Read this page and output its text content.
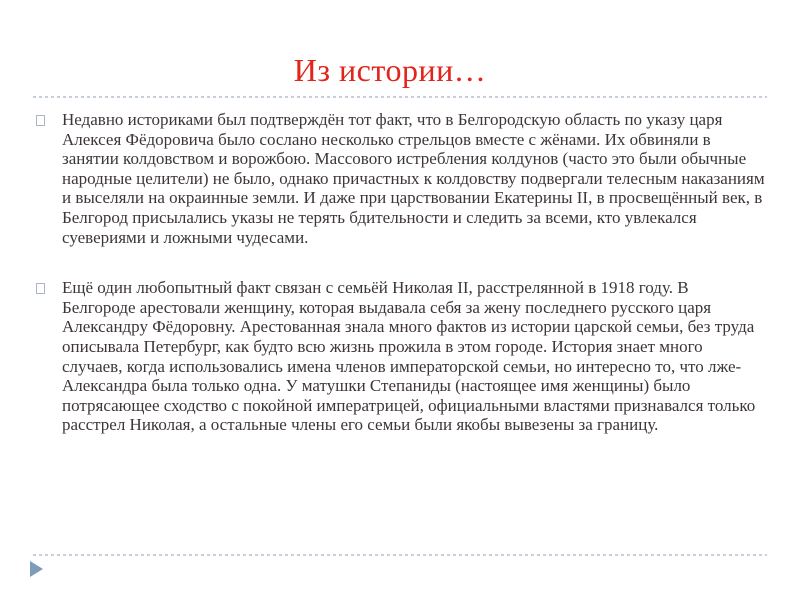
Из истории…
Недавно историками был подтверждён тот факт, что в Белгородскую область по указу царя Алексея Фёдоровича было сослано несколько стрельцов вместе с жёнами. Их обвиняли в занятии колдовством и ворожбою. Массового истребления колдунов (часто это были обычные народные целители) не было, однако причастных к колдовству подвергали телесным наказаниям и выселяли на окраинные земли. И даже при царствовании Екатерины II, в просвещённый век, в Белгород присылались указы не терять бдительности и следить за всеми, кто увлекался суевериями и ложными чудесами.
Ещё один любопытный факт связан с семьёй Николая II, расстрелянной в 1918 году. В Белгороде арестовали женщину, которая выдавала себя за жену последнего русского царя Александру Фёдоровну. Арестованная знала много фактов из истории царской семьи, без труда описывала Петербург, как будто всю жизнь прожила в этом городе. История знает много случаев, когда использовались имена членов императорской семьи, но интересно то, что лже-Александра была только одна. У матушки Степаниды (настоящее имя женщины) было потрясающее сходство с покойной императрицей, официальными властями признавался только расстрел Николая, а остальные члены его семьи были якобы вывезены за границу.
